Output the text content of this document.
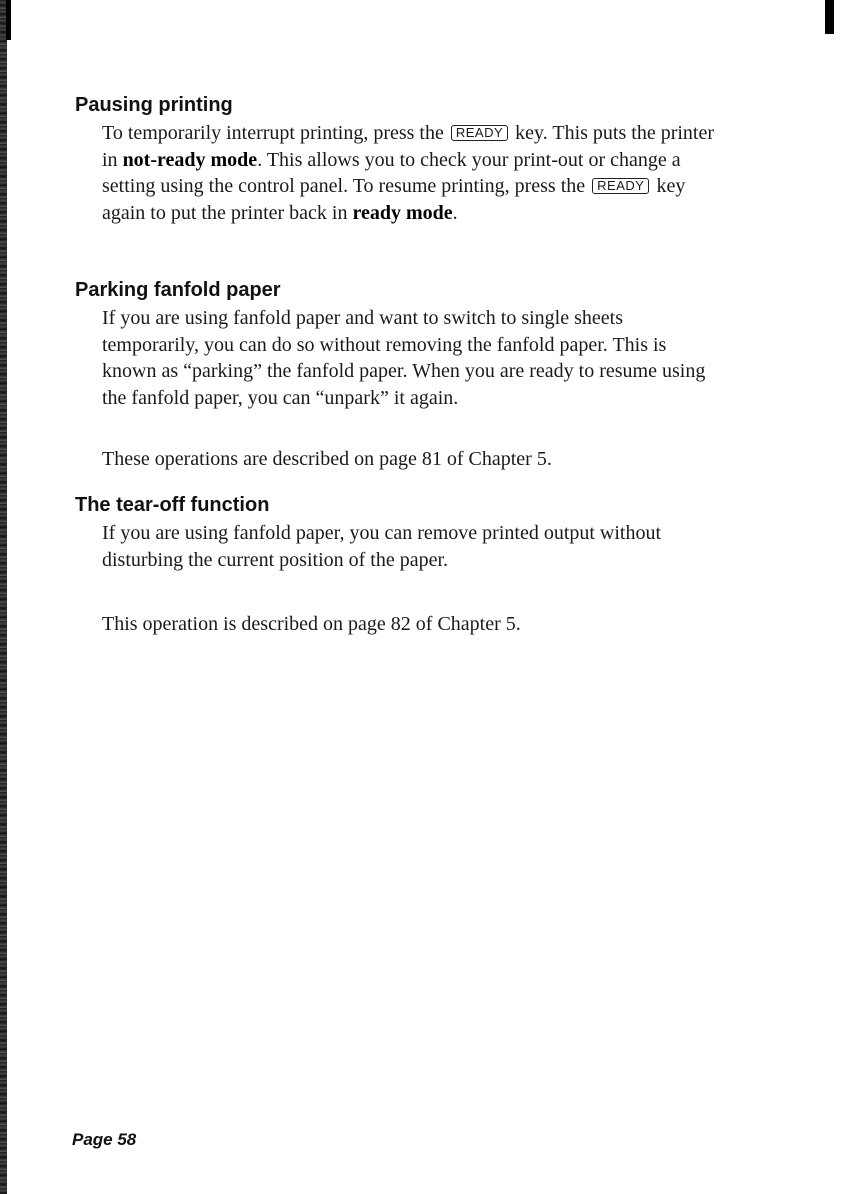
Pausing printing

To temporarily interrupt printing, press the READY key. This puts the printer in not-ready mode. This allows you to check your print-out or change a setting using the control panel. To resume printing, press the READY key again to put the printer back in ready mode.

Parking fanfold paper

If you are using fanfold paper and want to switch to single sheets temporarily, you can do so without removing the fanfold paper. This is known as “parking” the fanfold paper. When you are ready to resume using the fanfold paper, you can “unpark” it again.

These operations are described on page 81 of Chapter 5.

The tear-off function

If you are using fanfold paper, you can remove printed output without disturbing the current position of the paper.

This operation is described on page 82 of Chapter 5.

Page 58
